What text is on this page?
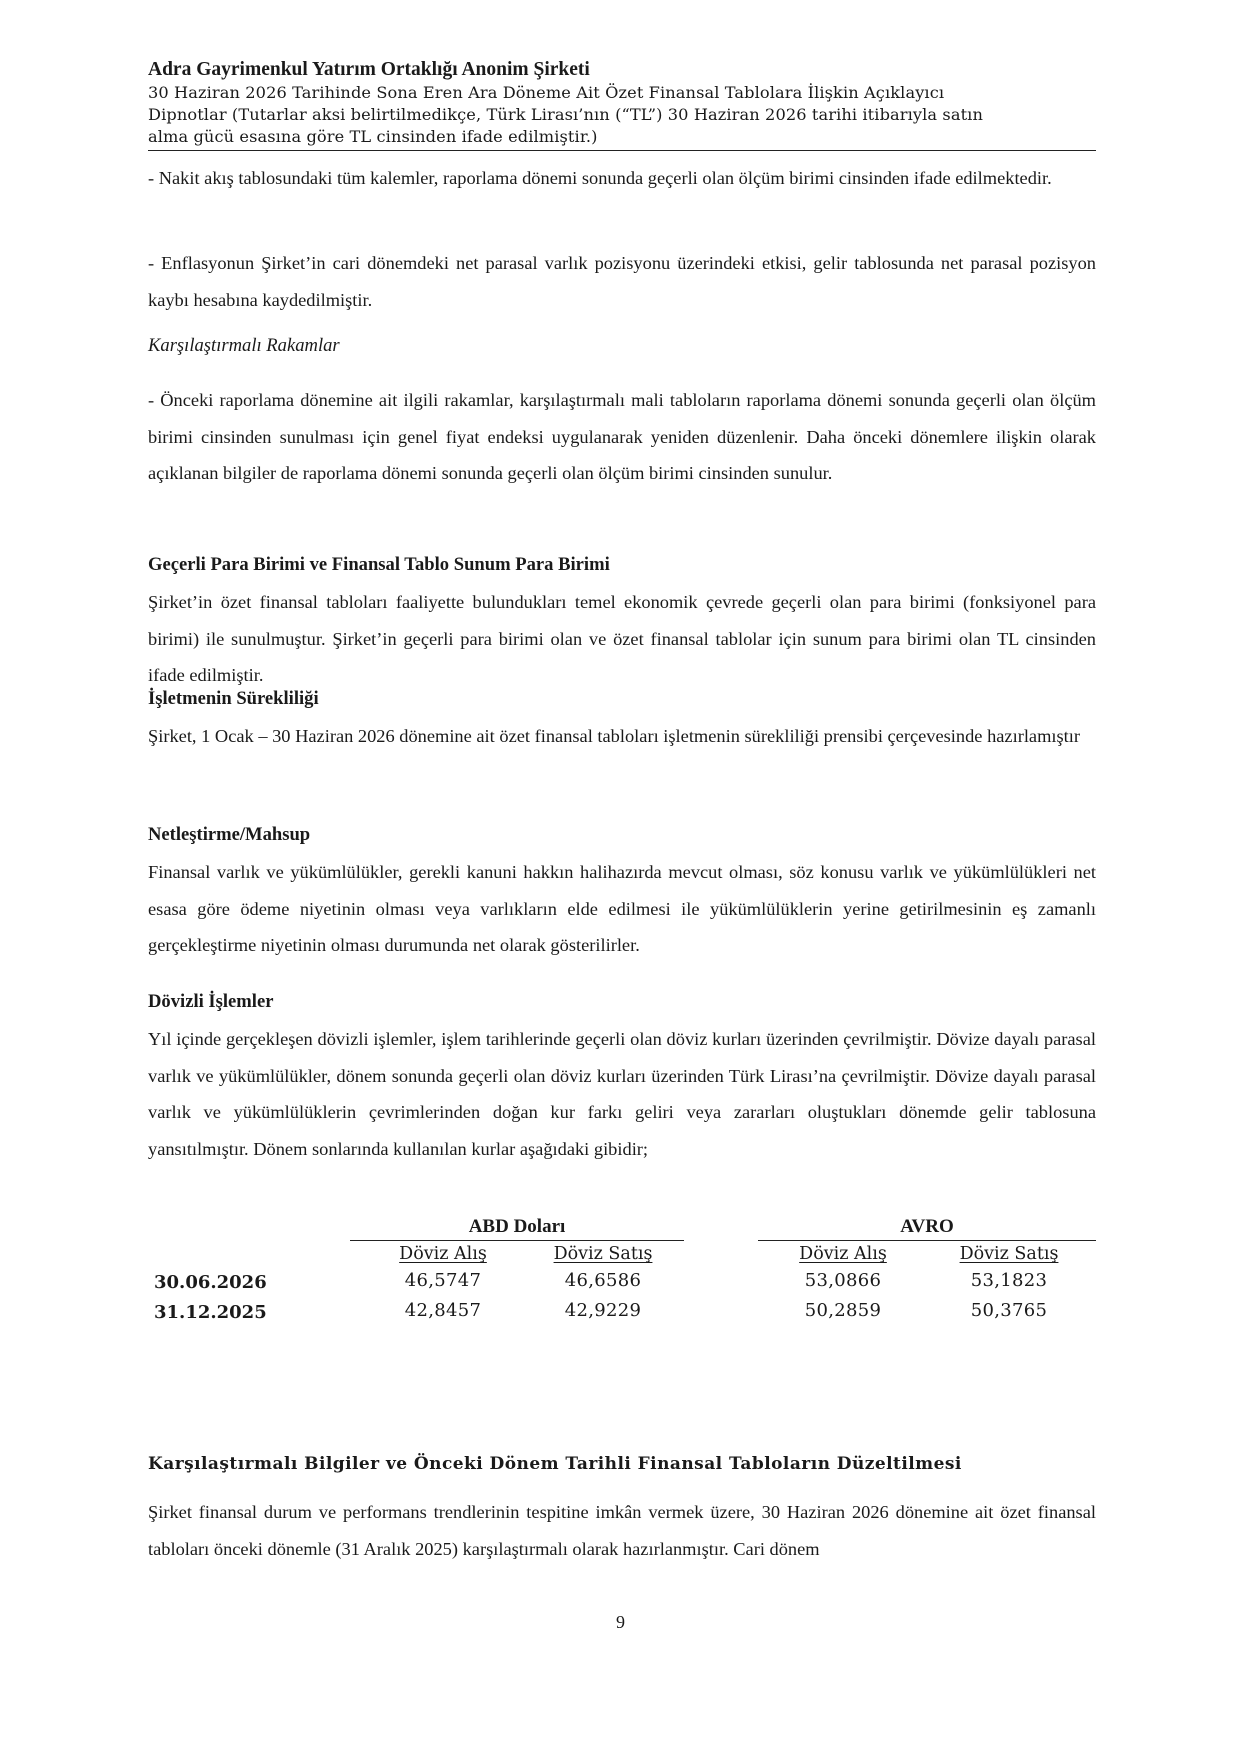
Adra Gayrimenkul Yatırım Ortaklığı Anonim Şirketi
30 Haziran 2026 Tarihinde Sona Eren Ara Döneme Ait Özet Finansal Tablolara İlişkin Açıklayıcı
Dipnotlar (Tutarlar aksi belirtilmedikçe, Türk Lirası’nın (“TL”) 30 Haziran 2026 tarihi itibarıyla satın
alma gücü esasına göre TL cinsinden ifade edilmiştir.)

- Nakit akış tablosundaki tüm kalemler, raporlama dönemi sonunda geçerli olan ölçüm birimi cinsinden ifade edilmektedir.

- Enflasyonun Şirket’in cari dönemdeki net parasal varlık pozisyonu üzerindeki etkisi, gelir tablosunda net parasal pozisyon kaybı hesabına kaydedilmiştir.

Karşılaştırmalı Rakamlar

- Önceki raporlama dönemine ait ilgili rakamlar, karşılaştırmalı mali tabloların raporlama dönemi sonunda geçerli olan ölçüm birimi cinsinden sunulması için genel fiyat endeksi uygulanarak yeniden düzenlenir. Daha önceki dönemlere ilişkin olarak açıklanan bilgiler de raporlama dönemi sonunda geçerli olan ölçüm birimi cinsinden sunulur.

Geçerli Para Birimi ve Finansal Tablo Sunum Para Birimi

Şirket’in özet finansal tabloları faaliyette bulundukları temel ekonomik çevrede geçerli olan para birimi (fonksiyonel para birimi) ile sunulmuştur. Şirket’in geçerli para birimi olan ve özet finansal tablolar için sunum para birimi olan TL cinsinden ifade edilmiştir.

İşletmenin Sürekliliği

Şirket, 1 Ocak – 30 Haziran 2026 dönemine ait özet finansal tabloları işletmenin sürekliliği prensibi çerçevesinde hazırlamıştır

Netleştirme/Mahsup

Finansal varlık ve yükümlülükler, gerekli kanuni hakkın halihazırda mevcut olması, söz konusu varlık ve yükümlülükleri net esasa göre ödeme niyetinin olması veya varlıkların elde edilmesi ile yükümlülüklerin yerine getirilmesinin eş zamanlı gerçekleştirme niyetinin olması durumunda net olarak gösterilirler.

Dövizli İşlemler

Yıl içinde gerçekleşen dövizli işlemler, işlem tarihlerinde geçerli olan döviz kurları üzerinden çevrilmiştir. Dövize dayalı parasal varlık ve yükümlülükler, dönem sonunda geçerli olan döviz kurları üzerinden Türk Lirası’na çevrilmiştir. Dövize dayalı parasal varlık ve yükümlülüklerin çevrimlerinden doğan kur farkı geliri veya zararları oluştukları dönemde gelir tablosuna yansıtılmıştır. Dönem sonlarında kullanılan kurlar aşağıdaki gibidir;

ABD Doları	AVRO
Döviz Alış	Döviz Satış	Döviz Alış	Döviz Satış
30.06.2026	46,5747	46,6586	53,0866	53,1823
31.12.2025	42,8457	42,9229	50,2859	50,3765

Karşılaştırmalı Bilgiler ve Önceki Dönem Tarihli Finansal Tabloların Düzeltilmesi

Şirket finansal durum ve performans trendlerinin tespitine imkân vermek üzere, 30 Haziran 2026 dönemine ait özet finansal tabloları önceki dönemle (31 Aralık 2025) karşılaştırmalı olarak hazırlanmıştır. Cari dönem

9
